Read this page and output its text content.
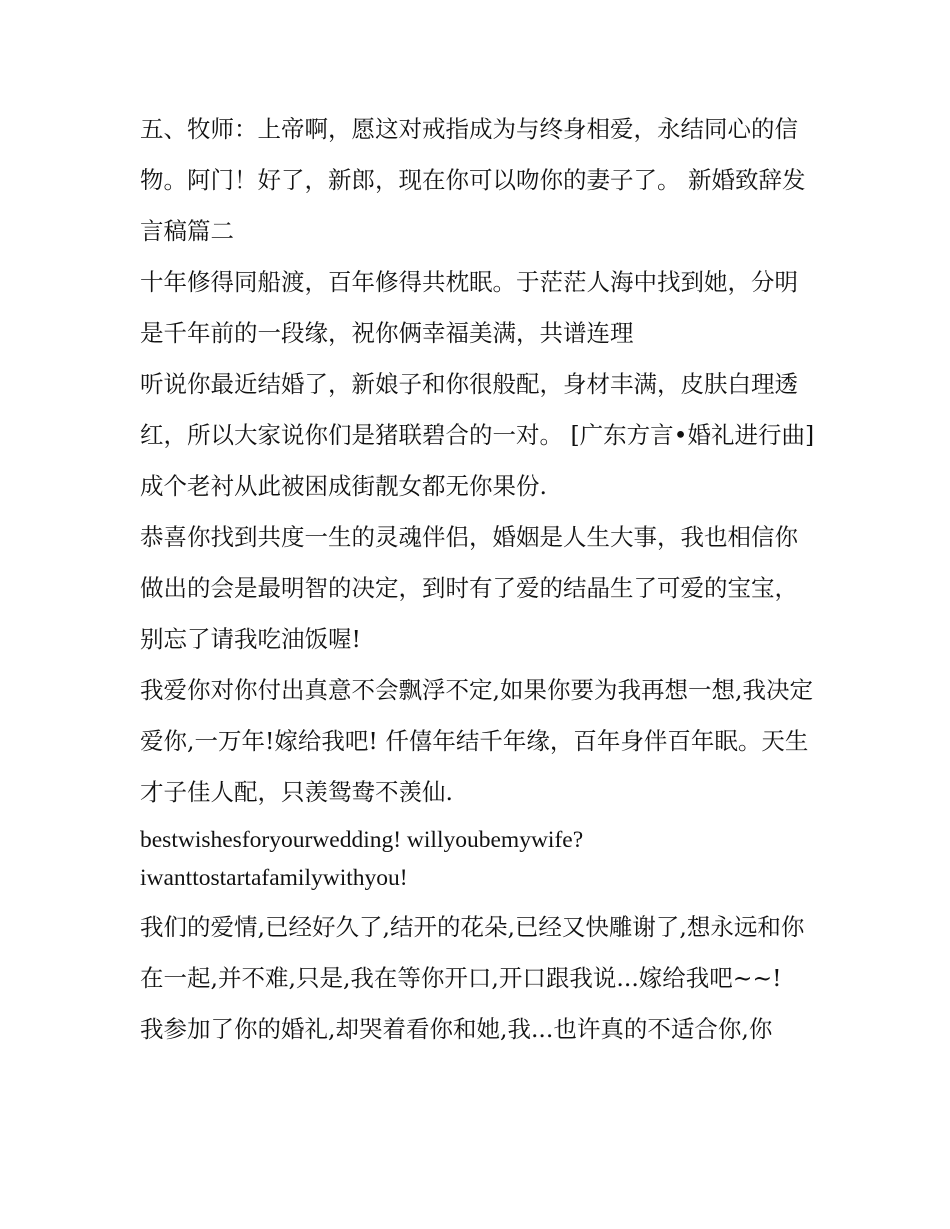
五、牧师：上帝啊，愿这对戒指成为与终身相爱，永结同心的信物。阿门！好了，新郎，现在你可以吻你的妻子了。 新婚致辞发言稿篇二

十年修得同船渡，百年修得共枕眠。于茫茫人海中找到她，分明是千年前的一段缘，祝你俩幸福美满，共谱连理

听说你最近结婚了，新娘子和你很般配，身材丰满，皮肤白理透红，所以大家说你们是猪联碧合的一对。 [广东方言•婚礼进行曲]成个老衬从此被困成街靓女都无你果份.

恭喜你找到共度一生的灵魂伴侣，婚姻是人生大事，我也相信你做出的会是最明智的决定，到时有了爱的结晶生了可爱的宝宝，别忘了请我吃油饭喔!

我爱你对你付出真意不会飘浮不定,如果你要为我再想一想,我决定爱你,一万年!嫁给我吧! 仟僖年结千年缘，百年身伴百年眠。天生才子佳人配，只羡鸳鸯不羡仙.

bestwishesforyourwedding! willyoubemywife?

iwanttostartafamilywithyou!

我们的爱情,已经好久了,结开的花朵,已经又快雕谢了,想永远和你在一起,并不难,只是,我在等你开口,开口跟我说...嫁给我吧~~!

我参加了你的婚礼,却哭着看你和她,我...也许真的不适合你,你
